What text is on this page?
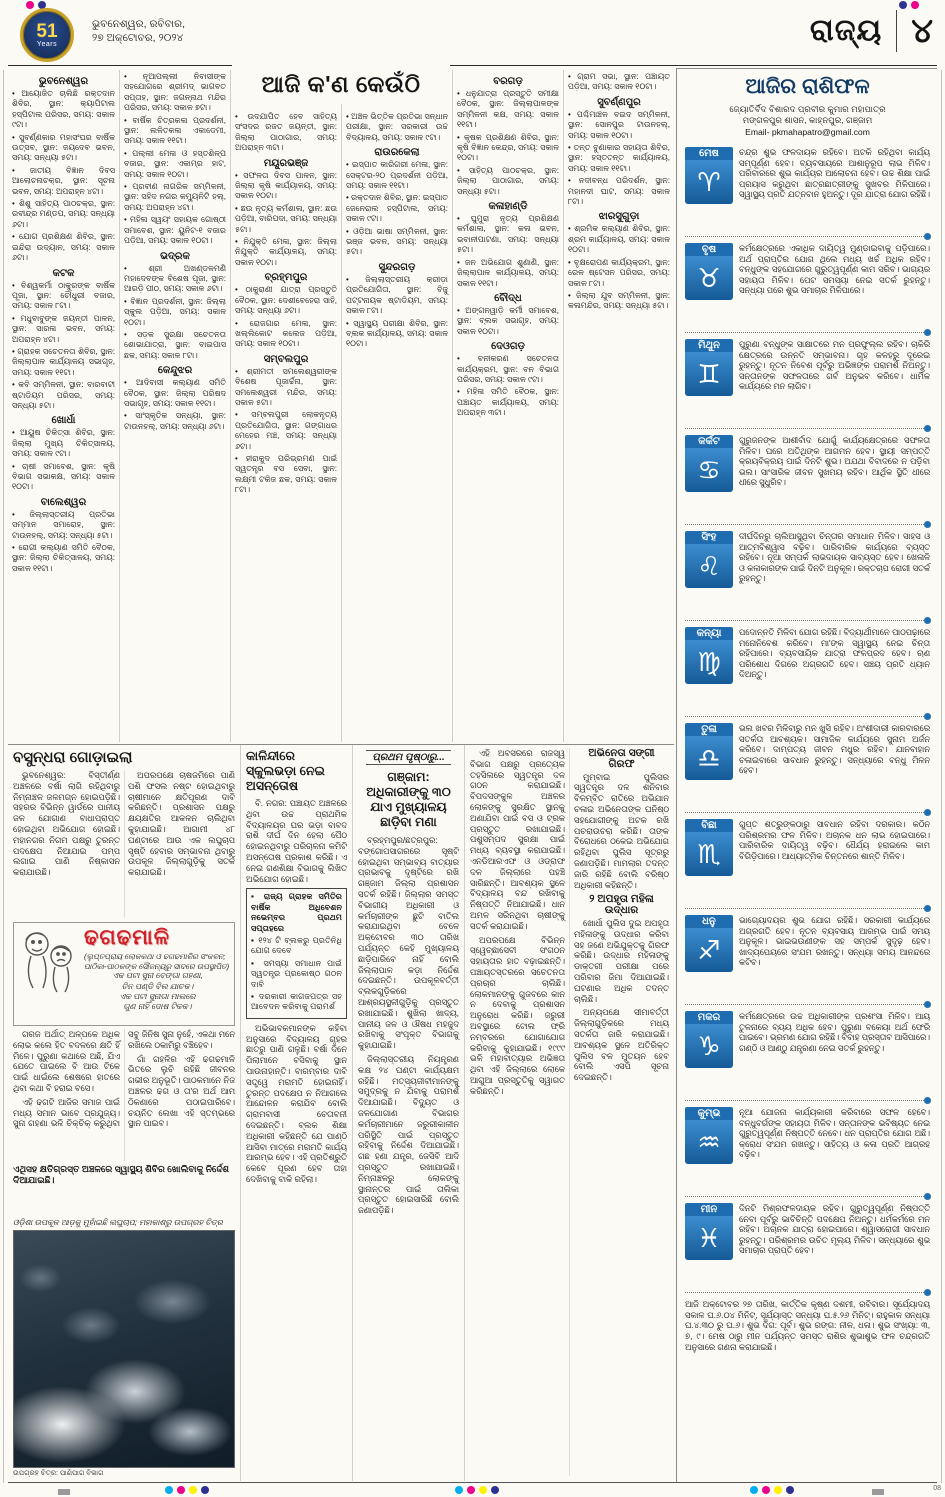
51
Years
ଭୁବନେଶ୍ୱର, ରବିବାର,
୨୭ ଅକ୍ଟୋବର, ୨୦୨୪	ରାଜ୍ୟ ୪
ଆଜି କ'ଣ କେଉଁଠି
ଭୁବନେଶ୍ୱର
• ଆୟୋଜିତ ଚାଲିଛି ରକ୍ତଦାନ ଶିବିର, ସ୍ଥାନ: କ୍ୟାପିଟାଲ ହସ୍ପିଟାଲ ପରିସର, ସମୟ: ସକାଳ ୯ଟା।
• ସୁବର୍ଣ୍ଣକାର ମହାସଂଘର ବାର୍ଷିକ ଉତ୍ସବ, ସ୍ଥାନ: ଜୟଦେବ ଭବନ, ସମୟ: ସନ୍ଧ୍ୟା ୫ଟା।
• ଜାତୀୟ ବିଜ୍ଞାନ ଦିବସ ଆଲୋଚନାଚକ୍ର, ସ୍ଥାନ: ସୂଚନା ଭବନ, ସମୟ: ଅପରାହ୍ନ ୪ଟା।
• ଶିଶୁ ସାହିତ୍ୟ ପାଠଚକ୍ର, ସ୍ଥାନ: ରବୀନ୍ଦ୍ର ମଣ୍ଡପ, ସମୟ: ସନ୍ଧ୍ୟା ୬ଟା।
• ଯୋଗ ପ୍ରଶିକ୍ଷଣ ଶିବିର, ସ୍ଥାନ: ଇନ୍ଦିରା ଉଦ୍ୟାନ, ସମୟ: ସକାଳ ୬ଟା।
କଟକ
• ବିଶ୍ୱକର୍ମା ଠାକୁରଙ୍କ ବାର୍ଷିକ ପୂଜା, ସ୍ଥାନ: ଚୌଧୁରୀ ବଜାର, ସମୟ: ସକାଳ ୮ଟା।
• ମଧୁବାବୁଙ୍କ ଜୟନ୍ତୀ ପାଳନ, ସ୍ଥାନ: ସାରଳା ଭବନ, ସମୟ: ଅପରାହ୍ନ ୪ଟା।
• ଗ୍ରାହକ ସଚେତନତା ଶିବିର, ସ୍ଥାନ: ଜିଲ୍ଲାପାଳ କାର୍ଯ୍ୟାଳୟ ସଭାଗୃହ, ସମୟ: ସକାଳ ୧୧ଟା।
• କବି ସମ୍ମିଳନୀ, ସ୍ଥାନ: ବାରବାଟୀ ଷ୍ଟାଡିୟମ ପରିସର, ସମୟ: ସନ୍ଧ୍ୟା ୫ଟା।
ଖୋର୍ଧା
• ଆୟୁଷ ଚିକିତ୍ସା ଶିବିର, ସ୍ଥାନ: ଜିଲ୍ଲା ମୁଖ୍ୟ ଚିକିତ୍ସାଳୟ, ସମୟ: ସକାଳ ୯ଟା।
• ଚାଷୀ ସମାବେଶ, ସ୍ଥାନ: କୃଷି ବିଭାଗ ସଭାକକ୍ଷ, ସମୟ: ସକାଳ ୧୦ଟା।
ବାଲେଶ୍ୱର
• ଜିଲ୍ଲାସ୍ତରୀୟ ପ୍ରତିଭା ସମ୍ମାନ ସମାରୋହ, ସ୍ଥାନ: ଟାଉନହଲ୍, ସମୟ: ସନ୍ଧ୍ୟା ୫ଟା।
• ରୋଗୀ କଲ୍ୟାଣ ସମିତି ବୈଠକ, ସ୍ଥାନ: ଜିଲ୍ଲା ଚିକିତ୍ସାଳୟ, ସମୟ: ସକାଳ ୧୧ଟା।
• ନୂଆପଲ୍ଲୀ ନିବାସୀଙ୍କ ସହଯୋଗରେ ଶ୍ରୀମଦ୍ ଭାଗବତ ସପ୍ତାହ, ସ୍ଥାନ: ଜଗନ୍ନାଥ ମନ୍ଦିର ପରିସର, ସମୟ: ସକାଳ ୭ଟା।
• ବାର୍ଷିକ ଚିତ୍ରକଳା ପ୍ରଦର୍ଶନୀ, ସ୍ଥାନ: ଲଳିତକଳା ଏକାଡେମୀ, ସମୟ: ସକାଳ ୧୧ଟା।
• ପଲ୍ଲୀ ମେଳା ଓ ହସ୍ତଶିଳ୍ପ ବଜାର, ସ୍ଥାନ: ଏକାମ୍ର ହାଟ, ସମୟ: ସକାଳ ୧୦ଟା।
• ପ୍ରବୀଣ ନାଗରିକ ସମ୍ମିଳନୀ, ସ୍ଥାନ: ସହିଦ ନଗର କମ୍ୟୁନିଟି ହଲ୍, ସମୟ: ଅପରାହ୍ନ ୪ଟା।
• ମହିଳା ସ୍ୱୟଂ ସହାୟକ ଗୋଷ୍ଠୀ ସମାବେଶ, ସ୍ଥାନ: ୟୁନିଟ-୧ ବଜାର ପଡ଼ିଆ, ସମୟ: ସକାଳ ୧୦ଟା।
ଭଦ୍ରକ
• ଶ୍ରୀ ଅଖଣ୍ଡଳମଣି ମହାଦେବଙ୍କ ବିଶେଷ ପୂଜା, ସ୍ଥାନ: ଆରଡ଼ି ପୀଠ, ସମୟ: ସକାଳ ୬ଟା।
• ବିଜ୍ଞାନ ପ୍ରଦର୍ଶନୀ, ସ୍ଥାନ: ଜିଲ୍ଲା ସ୍କୁଲ ପଡ଼ିଆ, ସମୟ: ସକାଳ ୧୦ଟା।
• ସଡ଼କ ସୁରକ୍ଷା ସଚେତନତା ଶୋଭାଯାତ୍ରା, ସ୍ଥାନ: ବାଇପାସ ଛକ, ସମୟ: ସକାଳ ୮ଟା।
କେନ୍ଦୁଝର
• ଆଦିବାସୀ କଲ୍ୟାଣ ସମିତି ବୈଠକ, ସ୍ଥାନ: ଜିଲ୍ଲା ପରିଷଦ ସଭାଗୃହ, ସମୟ: ସକାଳ ୧୧ଟା।
• ସାଂସ୍କୃତିକ ସନ୍ଧ୍ୟା, ସ୍ଥାନ: ଟାଉନହଲ୍, ସମୟ: ସନ୍ଧ୍ୟା ୬ଟା।
• ଉଦଯାପିତ ହେବ ସାହିତ୍ୟ ସଂସଦର ରଜତ ଜୟନ୍ତୀ, ସ୍ଥାନ: ଜିଲ୍ଲା ପାଠାଗାର, ସମୟ: ଅପରାହ୍ନ ୩ଟା।
ମୟୂରଭଞ୍ଜ
• ସଫଳତା ଦିବସ ପାଳନ, ସ୍ଥାନ: ଜିଲ୍ଲା କୃଷି କାର୍ଯ୍ୟାଳୟ, ସମୟ: ସକାଳ ୧୦ଟା।
• ଛଉ ନୃତ୍ୟ କର୍ମଶାଳା, ସ୍ଥାନ: ଛଉ ପଡ଼ିଆ, ବାରିପଦା, ସମୟ: ସନ୍ଧ୍ୟା ୫ଟା।
• ନିଯୁକ୍ତି ମେଳା, ସ୍ଥାନ: ଜିଲ୍ଲା ନିଯୁକ୍ତି କାର୍ଯ୍ୟାଳୟ, ସମୟ: ସକାଳ ୧୦ଟା।
ବ୍ରହ୍ମପୁର
• ଠାକୁରାଣୀ ଯାତ୍ରା ପ୍ରସ୍ତୁତି ବୈଠକ, ସ୍ଥାନ: ଦେଶୀବେହେରା ସାହି, ସମୟ: ସନ୍ଧ୍ୟା ୬ଟା।
• ରୋଜଗାର ମେଳା, ସ୍ଥାନ: ଖଲ୍ଲିକୋଟ କଲେଜ ପଡ଼ିଆ, ସମୟ: ସକାଳ ୧୦ଟା।
ସମ୍ବଲପୁର
• ଶ୍ରୀମତୀ ସମଲେଶ୍ୱରୀଙ୍କ ବିଶେଷ ପୂଜାର୍ଚ୍ଚନା, ସ୍ଥାନ: ସମଲେଶ୍ୱରୀ ମନ୍ଦିର, ସମୟ: ସକାଳ ୫ଟା।
• ସମ୍ବଲପୁରୀ ଲୋକନୃତ୍ୟ ପ୍ରତିଯୋଗିତା, ସ୍ଥାନ: ଗଙ୍ଗାଧର ମେହେର ମଞ୍ଚ, ସମୟ: ସନ୍ଧ୍ୟା ୬ଟା।
• ହୀରାକୁଦ ପରିଭ୍ରମଣ ପାଇଁ ସ୍ୱତନ୍ତ୍ର ବସ ସେବା, ସ୍ଥାନ: ଲକ୍ଷ୍ମୀ ଟକିଜ ଛକ, ସମୟ: ସକାଳ ୮ଟା।
• ଅଞ୍ଚଳ ଭିତ୍ତିକ ପ୍ରତିଭା ସନ୍ଧାନ ପରୀକ୍ଷା, ସ୍ଥାନ: ସରକାରୀ ଉଚ୍ଚ ବିଦ୍ୟାଳୟ, ସମୟ: ସକାଳ ୯ଟା।
ରାଉରକେଲା
• ଇସ୍ପାତ କାରିଗରୀ ମେଳା, ସ୍ଥାନ: ସେକ୍ଟର-୨୦ ପ୍ରଦର୍ଶନୀ ପଡ଼ିଆ, ସମୟ: ସକାଳ ୧୧ଟା।
• ରକ୍ତଦାନ ଶିବିର, ସ୍ଥାନ: ଇସ୍ପାତ ଜେନେରାଲ ହସ୍ପିଟାଲ, ସମୟ: ସକାଳ ୯ଟା।
• ଓଡ଼ିଆ ଭାଷା ସମ୍ମିଳନୀ, ସ୍ଥାନ: ଭଞ୍ଜ ଭବନ, ସମୟ: ସନ୍ଧ୍ୟା ୫ଟା।
ସୁନ୍ଦରଗଡ଼
• ଜିଲ୍ଲାସ୍ତରୀୟ କ୍ରୀଡ଼ା ପ୍ରତିଯୋଗିତା, ସ୍ଥାନ: ବିଜୁ ପଟ୍ଟନାୟକ ଷ୍ଟାଡିୟମ, ସମୟ: ସକାଳ ୮ଟା।
• ସ୍ୱାସ୍ଥ୍ୟ ପରୀକ୍ଷା ଶିବିର, ସ୍ଥାନ: ବ୍ଲକ କାର୍ଯ୍ୟାଳୟ, ସମୟ: ସକାଳ ୧୦ଟା।
ବରଗଡ଼
• ଧନୁଯାତ୍ରା ପ୍ରସ୍ତୁତି ସମୀକ୍ଷା ବୈଠକ, ସ୍ଥାନ: ଜିଲ୍ଲାପାଳଙ୍କ ସମ୍ମିଳନୀ କକ୍ଷ, ସମୟ: ସକାଳ ୧୧ଟା।
• କୃଷକ ପ୍ରଶିକ୍ଷଣ ଶିବିର, ସ୍ଥାନ: କୃଷି ବିଜ୍ଞାନ କେନ୍ଦ୍ର, ସମୟ: ସକାଳ ୧୦ଟା।
• ସାହିତ୍ୟ ପାଠଚକ୍ର, ସ୍ଥାନ: ଜିଲ୍ଲା ପାଠାଗାର, ସମୟ: ସନ୍ଧ୍ୟା ୫ଟା।
କଳାହାଣ୍ଡି
• ଘୁମୁରା ନୃତ୍ୟ ପ୍ରଶିକ୍ଷଣ କର୍ମଶାଳା, ସ୍ଥାନ: କଳା ଭବନ, ଭବାନୀପାଟଣା, ସମୟ: ସନ୍ଧ୍ୟା ୫ଟା।
• ଜନ ଅଭିଯୋଗ ଶୁଣାଣି, ସ୍ଥାନ: ଜିଲ୍ଲାପାଳ କାର୍ଯ୍ୟାଳୟ, ସମୟ: ସକାଳ ୧୧ଟା।
ବୌଦ୍ଧ
• ଅଙ୍ଗନୱାଡ଼ି କର୍ମୀ ସମାବେଶ, ସ୍ଥାନ: ବ୍ଲକ ସଭାଗୃହ, ସମୟ: ସକାଳ ୧୦ଟା।
ଦେଓଗଡ଼
• ବନୀକରଣ ସଚେତନତା କାର୍ଯ୍ୟକ୍ରମ, ସ୍ଥାନ: ବନ ବିଭାଗ ପରିସର, ସମୟ: ସକାଳ ୯ଟା।
• ମହିଳା ସମିତି ବୈଠକ, ସ୍ଥାନ: ପଞ୍ଚାୟତ କାର୍ଯ୍ୟାଳୟ, ସମୟ: ଅପରାହ୍ନ ୩ଟା।
• ଗ୍ରାମ ସଭା, ସ୍ଥାନ: ପଞ୍ଚାୟତ ପଡ଼ିଆ, ସମୟ: ସକାଳ ୧୦ଟା।
ସୁବର୍ଣ୍ଣପୁର
• ପଶ୍ଚିମାଞ୍ଚଳ ବଇଦ ସମ୍ମିଳନୀ, ସ୍ଥାନ: ସୋନପୁର ଟାଉନହଲ୍, ସମୟ: ସକାଳ ୧୦ଟା।
• ତନ୍ତ ବୁଣାକାର ସହାୟତା ଶିବିର, ସ୍ଥାନ: ହସ୍ତତନ୍ତ କାର୍ଯ୍ୟାଳୟ, ସମୟ: ସକାଳ ୧୧ଟା।
• ନଦୀବନ୍ଧ ପରିଦର୍ଶନ, ସ୍ଥାନ: ମହାନଦୀ ଘାଟ, ସମୟ: ସକାଳ ୮ଟା।
ଝାରସୁଗୁଡ଼ା
• ଶ୍ରମିକ କଲ୍ୟାଣ ଶିବିର, ସ୍ଥାନ: ଶ୍ରମ କାର୍ଯ୍ୟାଳୟ, ସମୟ: ସକାଳ ୧୦ଟା।
• ବୃକ୍ଷରୋପଣ କାର୍ଯ୍ୟକ୍ରମ, ସ୍ଥାନ: ରେଳ ଷ୍ଟେସନ ପରିସର, ସମୟ: ସକାଳ ୮ଟା।
• ଜିଲ୍ଲା ଯୁବ ସମ୍ମିଳନୀ, ସ୍ଥାନ: କଳାମନ୍ଦିର, ସମୟ: ସନ୍ଧ୍ୟା ୫ଟା।
ବସୁନ୍ଧରା ଗୋଡ଼ାଇଲା

ଭୁବନେଶ୍ୱର: ବିସ୍ତୀର୍ଣ୍ଣ ଅଞ୍ଚଳରେ ବର୍ଷା ଲାଗି ରହିଥିବାରୁ ନିମ୍ନାଞ୍ଚଳ ଜଳମଗ୍ନ ହୋଇପଡ଼ିଛି। ସହରର ବିଭିନ୍ନ ୱାର୍ଡରେ ପାନୀୟ ଜଳ ଯୋଗାଣ ବାଧାପ୍ରାପ୍ତ ହୋଇଥିବା ଅଭିଯୋଗ ହୋଇଛି। ମହାନଗର ନିଗମ ପକ୍ଷରୁ ତୁରନ୍ତ ପଦକ୍ଷେପ ନିଆଯାଇ ପମ୍ପ ଲଗାଇ ପାଣି ନିଷ୍କାସନ କରାଯାଉଛି।

ଅପରପକ୍ଷେ ଚାଷଜମିରେ ପାଣି ପଶି ଫସଲ ନଷ୍ଟ ହୋଇଥିବାରୁ ଚାଷୀମାନେ କ୍ଷତିପୂରଣ ଦାବି କରିଛନ୍ତି। ପ୍ରଶାସନ ପକ୍ଷରୁ କ୍ଷୟକ୍ଷତିର ଆକଳନ ଚାଲିଥିବା କୁହାଯାଇଛି। ଆଗାମୀ ୪୮ ଘଣ୍ଟାରେ ଆଉ ଏକ ଲଘୁଚାପ ସୃଷ୍ଟି ହେବାର ସମ୍ଭାବନା ଥିବାରୁ ଉପକୂଳ ଜିଲ୍ଲାଗୁଡ଼ିକୁ ସତର୍କ କରାଯାଇଛି।

ଢଗଢମାଳି
(ଲୁପ୍ତପ୍ରାୟ ଲୋକକଥା ଓ ଢଗଢମାଳିର ସଂକଳନ; ପାଠିକା-ପାଠକଙ୍କ ସୌଜନ୍ୟରୁ ସାଦରେ ଉପସ୍ଥାପିତ)
ଏକ ପଟା ସୁନା ବେଙ୍ଗା ଗହଣା,
ତିନ ପଣ୍ଡି ବିଲ ଯାଚକ।
ଏକ ପଟା ସୁନାଗା ମାଲରେ
ଗୁଣ ନାହିଁ ଦୋଷ ଟିକକ।

ଗରଜ ଅର୍ଥାତ୍ ଅଳ୍ପକେ ଅଧିକ ଲୋଭ କଲେ ହିତ ବଦଳରେ କ୍ଷତି ହିଁ ମିଳେ। ପୁରୁଣା କଥାରେ ଅଛି, ଯିଏ ଯେତେ ପାଇଲେ ବି ଆଉ ଟିକେ ପାଇଁ ଧାଇଁଲେ ଶେଷରେ ହାତରେ ଥିବା କଥା ବି ହରାଇ ବସେ।

ଏହି ଢଗଟି ଆଜିର ସମାଜ ପାଇଁ ମଧ୍ୟ ସମାନ ଭାବେ ପ୍ରଯୁଜ୍ୟ। ସୁନା ଗହଣା ଭଳି ଚିକ୍‌ଚିକ୍ କରୁଥିବା ସବୁ ଜିନିଷ ସୁନା ନୁହେଁ, ଏକଥା ମନେ ରଖିଲେ ଠକାମିରୁ ବଞ୍ଚିହେବ।

ଗାଁ ଗହଳିର ଏହି ଢଗଢମାଳି ଭିତରେ ଲୁଚି ରହିଛି ଜୀବନର ଗଭୀର ଅନୁଭୂତି। ପାଠକମାନେ ନିଜ ଅଞ୍ଚଳର ଢଗ ଓ ତା'ର ଅର୍ଥ ଆମ ଠିକଣାରେ ପଠାଇପାରିବେ। ଚୟନିତ ଲେଖା ଏହି ସ୍ତମ୍ଭରେ ସ୍ଥାନ ପାଇବ।

ଏଥିସହ କ୍ଷତିଗ୍ରସ୍ତ ଅଞ୍ଚଳରେ ସ୍ୱାସ୍ଥ୍ୟ ଶିବିର ଖୋଲିବାକୁ ନିର୍ଦ୍ଦେଶ ଦିଆଯାଇଛି।
ଓଡ଼ିଶା ଉପକୂଳ ଆଡ଼କୁ ମୁହାଁଇଛି ଲଘୁଚାପ; ମହାକାଶରୁ ଉପଗ୍ରହ ଚିତ୍ର
ଉପଗ୍ରହ ଚିତ୍ର: ପାଣିପାଗ ବିଭାଗ
କାଳିନ୍ଦୀରେ ସ୍କୁଲଭଡ଼ା ନେଇ ଅସନ୍ତୋଷ

ବି. ନଗର: ପଞ୍ଚାୟତ ଅଞ୍ଚଳରେ ଥିବା ଉଚ୍ଚ ପ୍ରାଥମିକ ବିଦ୍ୟାଳୟର ଘର ଭଡ଼ା ବାବଦ ରାଶି ଦୀର୍ଘ ଦିନ ହେଲା ପୈଠ ହୋଇନଥିବାରୁ ପରିଚାଳନା କମିଟି ଅସନ୍ତୋଷ ପ୍ରକାଶ କରିଛି। ଏ ନେଇ ଗଣଶିକ୍ଷା ବିଭାଗକୁ ଲିଖିତ ଅଭିଯୋଗ ହୋଇଛି।

▪ ରାଜ୍ୟ ଗ୍ରାହକ ସମିତିର ବାର୍ଷିକ ଅଧିବେଶନ ନଭେମ୍ବର ପ୍ରଥମ ସପ୍ତାହରେ
▪ ୧୨୪ ଟି ବ୍ଲକରୁ ପ୍ରତିନିଧି ଯୋଗ ଦେବେ
▪ ସମସ୍ୟା ସମାଧାନ ପାଇଁ ସ୍ୱତନ୍ତ୍ର ପ୍ରକୋଷ୍ଠ ଗଠନ ଦାବି
▪ ଦରକାରୀ କାଗଜପତ୍ର ସହ ଆବେଦନ କରିବାକୁ ପରାମର୍ଶ

ଅଭିଭାବକମାନଙ୍କ କହିବା ଅନୁସାରେ ବିଦ୍ୟାଳୟ ଗୃହର ଛାତରୁ ପାଣି ଗଳୁଛି। ବର୍ଷା ଦିନେ ପିଲାମାନେ ବସିବାକୁ ସ୍ଥାନ ପାଉନାହାନ୍ତି। ବାରମ୍ବାର ଦାବି ସତ୍ତ୍ୱେ ମରାମତି ହୋଇନାହିଁ। ତୁରନ୍ତ ପଦକ୍ଷେପ ନ ନିଆଗଲେ ଆନ୍ଦୋଳନ କରାଯିବ ବୋଲି ଗ୍ରାମବାସୀ ଚେତାବନୀ ଦେଇଛନ୍ତି। ବ୍ଲକ ଶିକ୍ଷା ଅଧିକାରୀ କହିଛନ୍ତି ଯେ ପାଣ୍ଠି ଆସିବା ମାତ୍ରେ ମରାମତି କାର୍ଯ୍ୟ ଆରମ୍ଭ ହେବ। ଏହି ପ୍ରତିଶ୍ରୁତି କେବେ ପୂରଣ ହେବ ତାହା ଦେଖିବାକୁ ବାକି ରହିଲା।

ପ୍ରଥମ ପୃଷ୍ଠାରୁ...
ଗଞ୍ଜାମ: ଅଧିକାରୀଙ୍କୁ ୩୦ ଯାଏ ମୁଖ୍ୟାଳୟ ଛାଡ଼ିବା ମଣା

ବ୍ରହ୍ମପୁର/ଛତ୍ରପୁର: ବଙ୍ଗୋପସାଗରରେ ସୃଷ୍ଟି ହୋଇଥିବା ସମ୍ଭାବ୍ୟ ବାତ୍ୟାର ପ୍ରଭାବକୁ ଦୃଷ୍ଟିରେ ରଖି ଗଞ୍ଜାମ ଜିଲ୍ଲା ପ୍ରଶାସନ ସତର୍କ ରହିଛି। ଜିଲ୍ଲାର ସମସ୍ତ ବିଭାଗୀୟ ଅଧିକାରୀ ଓ କର୍ମଚାରୀଙ୍କ ଛୁଟି ବାତିଲ କରାଯାଇଥିବା ବେଳେ ଅକ୍ଟୋବର ୩୦ ତାରିଖ ପର୍ଯ୍ୟନ୍ତ କେହି ମୁଖ୍ୟାଳୟ ଛାଡ଼ିପାରିବେ ନାହିଁ ବୋଲି ଜିଲ୍ଲାପାଳ କଡ଼ା ନିର୍ଦ୍ଦେଶ ଦେଇଛନ୍ତି। ଉପକୂଳବର୍ତ୍ତୀ ବ୍ଲକଗୁଡ଼ିକରେ ଆଶ୍ରୟସ୍ଥଳୀଗୁଡ଼ିକୁ ପ୍ରସ୍ତୁତ ରଖାଯାଇଛି। ଶୁଖିଲା ଖାଦ୍ୟ, ପାନୀୟ ଜଳ ଓ ଔଷଧ ମହଜୁଦ ରଖିବାକୁ ସଂପୃକ୍ତ ବିଭାଗକୁ କୁହାଯାଇଛି।

ଜିଲ୍ଲାସ୍ତରୀୟ ନିୟନ୍ତ୍ରଣ କକ୍ଷ ୨୪ ଘଣ୍ଟା କାର୍ଯ୍ୟକ୍ଷମ ରହିଛି। ମତ୍ସ୍ୟଜୀବୀମାନଙ୍କୁ ସମୁଦ୍ରକୁ ନ ଯିବାକୁ ପରାମର୍ଶ ଦିଆଯାଇଛି। ବିଦ୍ୟୁତ ଓ ଜଳଯୋଗାଣ ବିଭାଗର କର୍ମଚାରୀମାନେ ଜରୁରୀକାଳୀନ ପରିସ୍ଥିତି ପାଇଁ ପ୍ରସ୍ତୁତ ରହିବାକୁ ନିର୍ଦ୍ଦେଶ ଦିଆଯାଇଛି। ଗଛ ହଣା ଯନ୍ତ୍ର, ଜେସିବି ଆଦି ପ୍ରସ୍ତୁତ ରଖାଯାଇଛି। ନିମ୍ନାଞ୍ଚଳରୁ ଲୋକଙ୍କୁ ସ୍ଥାନାନ୍ତର ପାଇଁ ତାଲିକା ପ୍ରସ୍ତୁତ ହୋଇସାରିଛି ବୋଲି ଜଣାପଡ଼ିଛି।

ଏହି ଅବସରରେ ରାଜସ୍ୱ ବିଭାଗ ପକ୍ଷରୁ ପ୍ରତ୍ୟେକ ତହସିଲରେ ସ୍ୱତନ୍ତ୍ର ଦଳ ଗଠନ କରାଯାଇଛି। ବିପଦସଙ୍କୁଳ ଅଞ୍ଚଳର ଲୋକଙ୍କୁ ସୁରକ୍ଷିତ ସ୍ଥାନକୁ ଅଣାଯିବା ପାଇଁ ବସ ଓ ଟ୍ରକ ପ୍ରସ୍ତୁତ ରଖାଯାଇଛି। ପଶୁସମ୍ପଦ ସୁରକ୍ଷା ପାଇଁ ମଧ୍ୟ ବ୍ୟବସ୍ଥା କରାଯାଇଛି। ଏନଡିଆରଏଫ ଓ ଓଡ୍ରାଫ ଦଳ ଜିଲ୍ଲାରେ ପହଞ୍ଚି ସାରିଛନ୍ତି। ଆବଶ୍ୟକ ସ୍ଥଳେ ବିଦ୍ୟାଳୟ ବନ୍ଦ ରଖିବାକୁ ନିଷ୍ପତ୍ତି ନିଆଯାଇଛି। ଧାନ ଅମଳ ସରିନଥିବା ଚାଷୀଙ୍କୁ ସତର୍କ କରାଯାଇଛି।

ଅପରପକ୍ଷେ ବିଭିନ୍ନ ସ୍ୱେଚ୍ଛାସେବୀ ସଂଗଠନ ସହାୟତାର ହାତ ବଢ଼ାଇଛନ୍ତି। ପଞ୍ଚାୟତସ୍ତରରେ ସଚେତନତା ପ୍ରଚାର ଚାଲିଛି। ଲୋକମାନଙ୍କୁ ଗୁଜବରେ କାନ ନ ଦେବାକୁ ପ୍ରଶାସନ ଅନୁରୋଧ କରିଛି। ଜରୁରୀ ଅବସ୍ଥାରେ ଟୋଲ ଫ୍ରି ନମ୍ବରରେ ଯୋଗାଯୋଗ କରିବାକୁ କୁହାଯାଇଛି। ୧୯୯୯ ଭଳି ମହାବାତ୍ୟାର ଅଭିଜ୍ଞତା ଥିବା ଏହି ଜିଲ୍ଲାରେ ଲୋକେ ଆଗୁଆ ପ୍ରସ୍ତୁତିକୁ ସ୍ୱାଗତ କରିଛନ୍ତି।

ଅଭିନେତା ସଙ୍ଗୀ ଗିରଫ

ମୁମ୍ବାଇ ପୁଲିସର ସ୍ୱତନ୍ତ୍ର ଦଳ ଶନିବାର ବିଳମ୍ବିତ ରାତିରେ ଅଭିଯାନ ଚଳାଇ ଅଭିନେତାଙ୍କ ଘନିଷ୍ଠ ସହଯୋଗୀଙ୍କୁ ଅଟକ ରଖି ପଚରାଉଚରା କରିଛି। ତାଙ୍କ ବିରୋଧରେ ଠକେଇ ଅଭିଯୋଗ ରହିଥିବା ପୁଲିସ ସୂତ୍ରରୁ ଜଣାପଡ଼ିଛି। ମାମଲାର ତଦନ୍ତ ଜାରି ରହିଛି ବୋଲି ବରିଷ୍ଠ ଅଧିକାରୀ କହିଛନ୍ତି।

୨ ଅପହୃତା ମହିଳା ଉଦ୍ଧାର

ଖୋର୍ଧା ପୁଲିସ ଦୁଇ ଅପହୃତା ମହିଳାଙ୍କୁ ଉଦ୍ଧାର କରିବା ସହ ଜଣେ ଅଭିଯୁକ୍ତକୁ ଗିରଫ କରିଛି। ଉଦ୍ଧାର ମହିଳାଙ୍କୁ ଡାକ୍ତରୀ ପରୀକ୍ଷା ପରେ ପରିବାର ଜିମା ଦିଆଯାଇଛି। ଘଟଣାର ଅଧିକ ତଦନ୍ତ ଚାଲିଛି।

ଅନ୍ୟପକ୍ଷେ ସୀମାବର୍ତ୍ତୀ ଜିଲ୍ଲାଗୁଡ଼ିକରେ ମଧ୍ୟ ସତର୍କତା ଜାରି କରାଯାଇଛି। ଆବଶ୍ୟକ ସ୍ଥଳେ ଅତିରିକ୍ତ ପୁଲିସ ବଳ ମୁତୟନ ହେବ ବୋଲି ଏସପି ସୂଚନା ଦେଇଛନ୍ତି।

ଆଜିର ରାଶିଫଳ
ଜ୍ୟୋତିର୍ବିଦ ବିଶାରଦ ପ୍ରବୀର କୁମାର ମହାପାତ୍ର
ମଙ୍ଗଳପୁର ଶାସନ, କାହ୍ନପୁର, ଗଞ୍ଜାମ
Email- pkmahapatro@gmail.com
ମେଷ
♈
ଚନ୍ଦ୍ର ଶୁଭ ଫଳଦାୟକ ରହିବେ। ଅଟକି ରହିଥିବା କାର୍ଯ୍ୟ ସମ୍ପୂର୍ଣ୍ଣ ହେବ। ବ୍ୟବସାୟରେ ଆଶାନୁରୂପ ଲାଭ ମିଳିବ। ପରିବାରରେ ଶୁଭ କାର୍ଯ୍ୟର ଆଲୋଚନା ହେବ। ଉଚ୍ଚ ଶିକ୍ଷା ପାଇଁ ପ୍ରୟାସ କରୁଥିବା ଛାତ୍ରଛାତ୍ରୀଙ୍କୁ ସୁଖବର ମିଳିପାରେ। ସ୍ୱାସ୍ଥ୍ୟ ପ୍ରତି ଯତ୍ନବାନ ହୁଅନ୍ତୁ। ଦୂର ଯାତ୍ରା ଯୋଗ ରହିଛି।
ବୃଷ
♉
କର୍ମକ୍ଷେତ୍ରରେ ଏକାଧିକ ଦାୟିତ୍ୱ ମୁଣ୍ଡାଇବାକୁ ପଡ଼ିପାରେ। ଅର୍ଥ ପ୍ରାପ୍ତିର ଯୋଗ ଥିଲେ ମଧ୍ୟ ଖର୍ଚ୍ଚ ଅଧିକ ରହିବ। ବନ୍ଧୁଙ୍କ ସହଯୋଗରେ ଗୁରୁତ୍ୱପୂର୍ଣ୍ଣ କାମ ସରିବ। ଭାଗ୍ୟର ସହାୟତା ମିଳିବ। ପେଟ ସମସ୍ୟା ନେଇ ସତର୍କ ରୁହନ୍ତୁ। ସନ୍ଧ୍ୟା ପରେ ଶୁଭ ସମାଚାର ମିଳିପାରେ।
ମିଥୁନ
♊
ପୁରୁଣା ବନ୍ଧୁଙ୍କ ସାକ୍ଷାତରେ ମନ ପ୍ରଫୁଲ୍ଲ ରହିବ। ଚାକିରି କ୍ଷେତ୍ରରେ ଉନ୍ନତି ସମ୍ଭାବନା। ଗୃହ କଳହରୁ ଦୂରେଇ ରୁହନ୍ତୁ। ନୂତନ ନିବେଶ ପୂର୍ବରୁ ଅଭିଜ୍ଞଙ୍କ ପରାମର୍ଶ ନିଅନ୍ତୁ। ସନ୍ତାନଙ୍କ ସଫଳତାରେ ଗର୍ବ ଅନୁଭବ କରିବେ। ଧାର୍ମିକ କାର୍ଯ୍ୟରେ ମନ ଲାଗିବ।
କର୍କଟ
♋
ଗୁରୁଜନଙ୍କ ଆଶୀର୍ବାଦ ଯୋଗୁଁ କାର୍ଯ୍ୟକ୍ଷେତ୍ରରେ ସଫଳତା ମିଳିବ। ଘରେ ଅତିଥିଙ୍କ ଆଗମନ ହେବ। ସ୍ଥାୟୀ ସମ୍ପତ୍ତି କ୍ରୟବିକ୍ରୟ ପାଇଁ ଦିନଟି ଶୁଭ। ଅଯଥା ବିବାଦରେ ନ ପଡ଼ିବା ଭଲ। ସାଂସାରିକ ଜୀବନ ସୁଖମୟ ରହିବ। ଆର୍ଥିକ ସ୍ଥିତି ଧୀରେ ଧୀରେ ସୁଧୁରିବ।
ସିଂହ
♌
ଦୀର୍ଘଦିନରୁ ଚାଲିଆସୁଥିବା ଚିନ୍ତାର ସମାଧାନ ମିଳିବ। ସାହସ ଓ ଆତ୍ମବିଶ୍ୱାସ ବଢ଼ିବ। ପାରିବାରିକ କାର୍ଯ୍ୟରେ ବ୍ୟସ୍ତ ରହିବେ। ନୂଆ ସମ୍ପର୍କ ଲାଭଦାୟକ ସାବ୍ୟସ୍ତ ହେବ। ଖେଳାଳି ଓ କଳାକାରଙ୍କ ପାଇଁ ଦିନଟି ଅନୁକୂଳ। ରକ୍ତଚାପ ରୋଗୀ ସତର୍କ ରୁହନ୍ତୁ।
କନ୍ୟା
♍
ପଦୋନ୍ନତି ମିଳିବା ଯୋଗ ରହିଛି। ବିଦ୍ୟାର୍ଥୀମାନେ ପାଠପଢ଼ାରେ ମନୋନିବେଶ କରିବେ। ମା'ଙ୍କ ସ୍ୱାସ୍ଥ୍ୟ ନେଇ ଚିନ୍ତା ରହିପାରେ। ବ୍ୟବସାୟିକ ଯାତ୍ରା ଫଳପ୍ରଦ ହେବ। ଋଣ ପରିଶୋଧ ଦିଗରେ ଅଗ୍ରଗତି ହେବ। ସଞ୍ଚୟ ପ୍ରତି ଧ୍ୟାନ ଦିଅନ୍ତୁ।
ତୁଳା
♎
ଭଲ ଖବର ମିଳିବାରୁ ମନ ଖୁସି ରହିବ। ଅଂଶୀଦାରୀ କାରବାରରେ ସତର୍କତା ଆବଶ୍ୟକ। ସାମାଜିକ କାର୍ଯ୍ୟରେ ସୁନାମ ଅର୍ଜନ କରିବେ। ଦାମ୍ପତ୍ୟ ଜୀବନ ମଧୁର ରହିବ। ଯାନବାହାନ ଚଳାଇବାରେ ସାବଧାନ ରୁହନ୍ତୁ। ସନ୍ଧ୍ୟାରେ ବନ୍ଧୁ ମିଳନ ହେବ।
ବିଛା
♏
ଗୁପ୍ତ ଶତ୍ରୁଙ୍କଠାରୁ ସାବଧାନ ରହିବା ଦରକାର। କଠିନ ପରିଶ୍ରମର ଫଳ ମିଳିବ। ଅଚାନକ ଧନ ଲାଭ ହୋଇପାରେ। ପାରିବାରିକ ଦାୟିତ୍ୱ ବଢ଼ିବ। ଧୈର୍ଯ୍ୟ ହରାଇଲେ କାମ ବିଗିଡ଼ିପାରେ। ଆଧ୍ୟାତ୍ମିକ ଚିନ୍ତନରେ ଶାନ୍ତି ମିଳିବ।
ଧନୁ
♐
ଭାଗ୍ୟୋଦୟର ଶୁଭ ଯୋଗ ରହିଛି। ସରକାରୀ କାର୍ଯ୍ୟରେ ଅଗ୍ରଗତି ହେବ। ନୂତନ ବ୍ୟବସାୟ ଆରମ୍ଭ ପାଇଁ ସମୟ ଅନୁକୂଳ। ଭାଇଭଉଣୀଙ୍କ ସହ ସମ୍ପର୍କ ସୁଦୃଢ଼ ହେବ। ଖାଦ୍ୟପେୟରେ ସଂଯମ ରଖନ୍ତୁ। ସନ୍ଧ୍ୟା ସମୟ ଆନନ୍ଦରେ କଟିବ।
ମକର
♑
କର୍ମକ୍ଷେତ୍ରରେ ଉଚ୍ଚ ଅଧିକାରୀଙ୍କ ପ୍ରଶଂସା ମିଳିବ। ଆୟ ତୁଳନାରେ ବ୍ୟୟ ଅଧିକ ହେବ। ପୁରୁଣା ବକେୟା ଅର୍ଥ ଫେରି ପାଇବେ। ଭ୍ରମଣ ଯୋଗ ରହିଛି। ବିବାହ ପ୍ରସ୍ତାବ ଆସିପାରେ। ଗଣ୍ଠି ଓ ଆଣ୍ଠୁ ଯନ୍ତ୍ରଣା ନେଇ ସତର୍କ ରୁହନ୍ତୁ।
କୁମ୍ଭ
♒
ନୂଆ ଯୋଜନା କାର୍ଯ୍ୟକାରୀ କରିବାରେ ସଫଳ ହେବେ। ବନ୍ଧୁବର୍ଗଙ୍କ ସହାୟତା ମିଳିବ। ସନ୍ତାନଙ୍କ ଭବିଷ୍ୟତ ନେଇ ଗୁରୁତ୍ୱପୂର୍ଣ୍ଣ ନିଷ୍ପତ୍ତି ନେବେ। ଧନ ପ୍ରାପ୍ତିର ଯୋଗ ଅଛି। କ୍ରୋଧ ସଂଯମ ରଖନ୍ତୁ। ସାହିତ୍ୟ ଓ କଳା ପ୍ରତି ଆଗ୍ରହ ବଢ଼ିବ।
ମୀନ
♓
ଦିନଟି ମିଶ୍ରଫଳଦାୟକ ରହିବ। ଗୁରୁତ୍ୱପୂର୍ଣ୍ଣ ନିଷ୍ପତ୍ତି ନେବା ପୂର୍ବରୁ ଭାବିଚିନ୍ତି ପଦକ୍ଷେପ ନିଅନ୍ତୁ। ଧର୍ମକର୍ମରେ ମନ ରହିବ। ଅଚାନକ ଯାତ୍ରା ହୋଇପାରେ। ଶ୍ୱାସରୋଗୀ ସାବଧାନ ରୁହନ୍ତୁ। ପରିଶ୍ରମର ଉଚିତ ମୂଲ୍ୟ ମିଳିବ। ସନ୍ଧ୍ୟାରେ ଶୁଭ ସମାଚାର ପ୍ରାପ୍ତି ହେବ।
ଆଜି ଅକ୍ଟୋବର ୨୭ ତାରିଖ, କାର୍ତ୍ତିକ କୃଷ୍ଣ ଦଶମୀ, ରବିବାର। ସୂର୍ଯ୍ୟୋଦୟ ସକାଳ ଘ.୬.୦୪ ମିନିଟ୍, ସୂର୍ଯ୍ୟାସ୍ତ ସନ୍ଧ୍ୟା ଘ.୫.୨୬ ମିନିଟ୍। ରାହୁକାଳ ସନ୍ଧ୍ୟା ଘ.୪.୩୦ ରୁ ଘ.୬। ଶୁଭ ଦିଗ: ପୂର୍ବ। ଶୁଭ ରଙ୍ଗ: ନୀଳ, ଧଳା। ଶୁଭ ସଂଖ୍ୟା: ୩, ୭, ୯। ମେଷ ଠାରୁ ମୀନ ପର୍ଯ୍ୟନ୍ତ ସମସ୍ତ ରାଶିର ଶୁଭାଶୁଭ ଫଳ ଚନ୍ଦ୍ରଗତି ଅନୁସାରେ ଗଣନା କରାଯାଇଛି।
08
